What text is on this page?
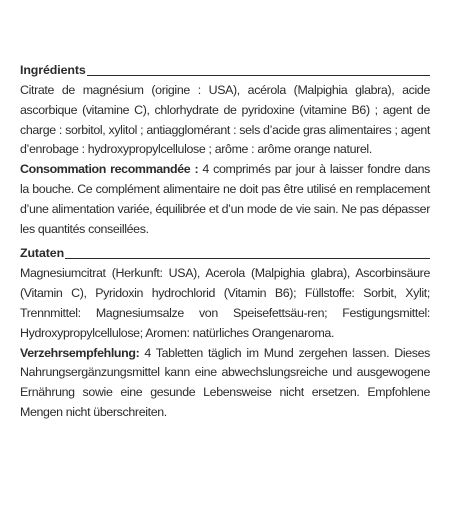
Ingrédients

Citrate de magnésium (origine : USA), acérola (Malpighia glabra), acide ascorbique (vitamine C), chlorhydrate de pyridoxine (vitamine B6) ; agent de charge : sorbitol, xylitol ; antiagglomérant : sels d’acide gras alimentaires ; agent d’enrobage : hydroxypropylcellulose ; arôme : arôme orange naturel.

Consommation recommandée : 4 comprimés par jour à laisser fondre dans la bouche. Ce complément alimentaire ne doit pas être utilisé en remplacement d’une alimentation variée, équilibrée et d’un mode de vie sain. Ne pas dépasser les quantités conseillées.

Zutaten

Magnesiumcitrat (Herkunft: USA), Acerola (Malpighia glabra), Ascorbinsäure (Vitamin C), Pyridoxin hydrochlorid (Vitamin B6); Füllstoffe: Sorbit, Xylit; Trennmittel: Magnesiumsalze von Speisefettsäu-ren; Festigungsmittel: Hydroxypropylcellulose; Aromen: natürliches Orangenaroma.

Verzehrsempfehlung: 4 Tabletten täglich im Mund zergehen lassen. Dieses Nahrungsergänzungsmittel kann eine abwechslungsreiche und ausgewogene Ernährung sowie eine gesunde Lebensweise nicht ersetzen. Empfohlene Mengen nicht überschreiten.
